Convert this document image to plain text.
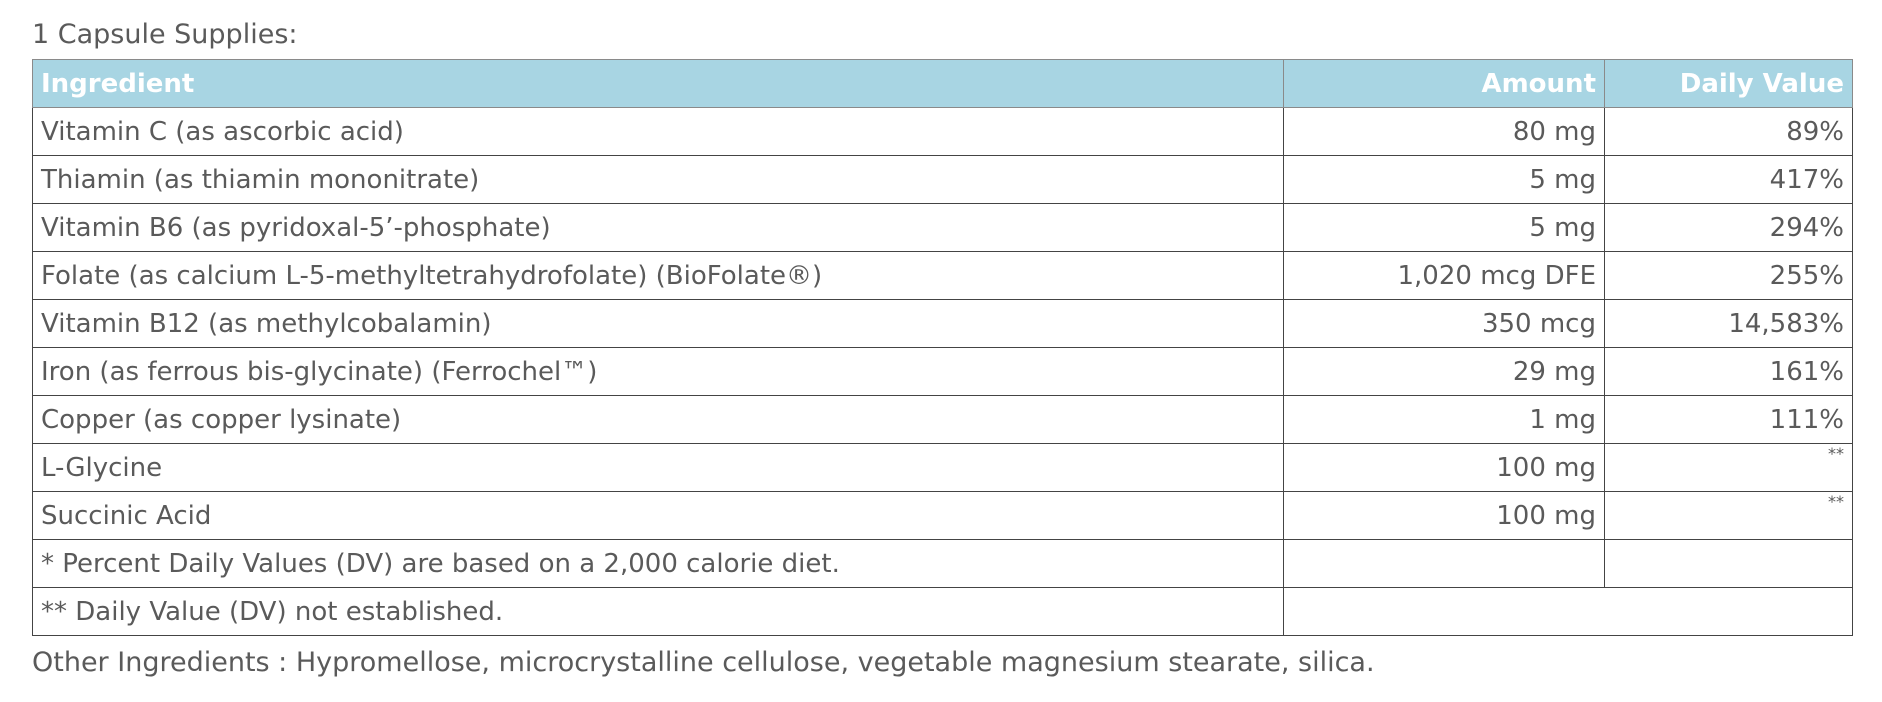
1 Capsule Supplies:
Ingredient	Amount	Daily Value
Vitamin C (as ascorbic acid)	80 mg	89%
Thiamin (as thiamin mononitrate)	5 mg	417%
Vitamin B6 (as pyridoxal-5’-phosphate)	5 mg	294%
Folate (as calcium L-5-methyltetrahydrofolate) (BioFolate®)	1,020 mcg DFE	255%
Vitamin B12 (as methylcobalamin)	350 mcg	14,583%
Iron (as ferrous bis-glycinate) (Ferrochel™)	29 mg	161%
Copper (as copper lysinate)	1 mg	111%
L-Glycine	100 mg	**
Succinic Acid	100 mg	**
* Percent Daily Values (DV) are based on a 2,000 calorie diet.		
** Daily Value (DV) not established.		
Other Ingredients : Hypromellose, microcrystalline cellulose, vegetable magnesium stearate, silica.
